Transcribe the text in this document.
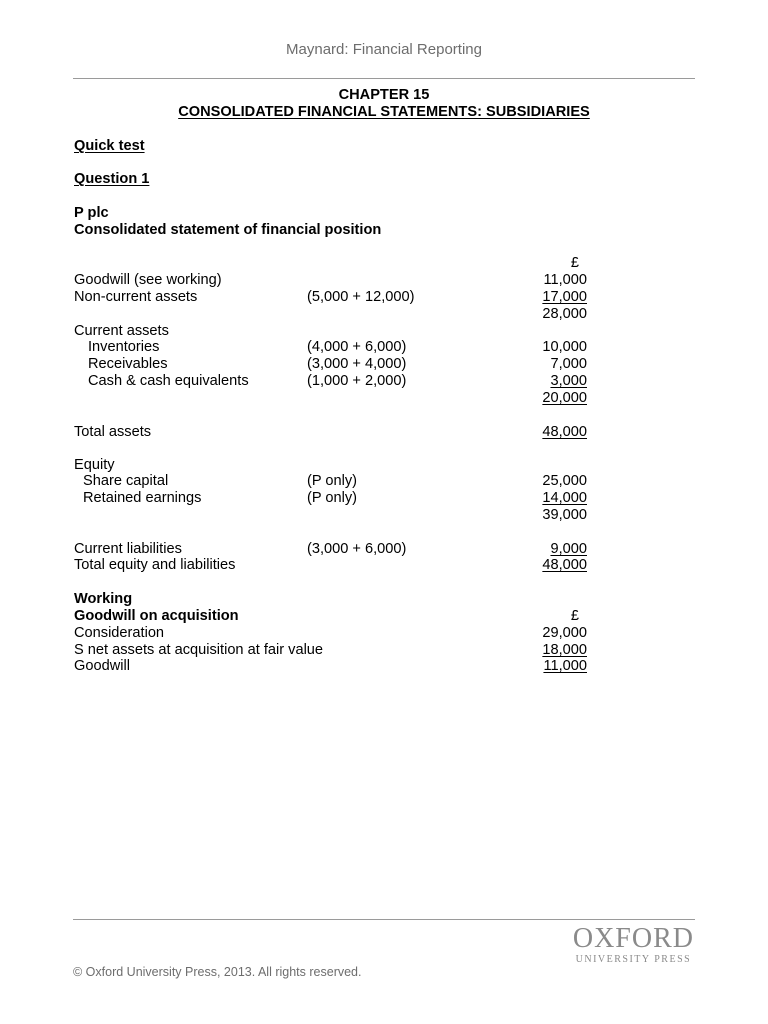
Maynard: Financial Reporting
CHAPTER 15
CONSOLIDATED FINANCIAL STATEMENTS: SUBSIDIARIES
Quick test
Question 1
P plc
Consolidated statement of financial position
£
Goodwill (see working)	11,000
Non-current assets	(5,000 + 12,000)	17,000
28,000
Current assets
Inventories	(4,000 + 6,000)	10,000
Receivables	(3,000 + 4,000)	7,000
Cash & cash equivalents	(1,000 + 2,000)	3,000
20,000
Total assets	48,000
Equity
Share capital	(P only)	25,000
Retained earnings	(P only)	14,000
39,000
Current liabilities	(3,000 + 6,000)	9,000
Total equity and liabilities	48,000
Working
Goodwill on acquisition	£
Consideration	29,000
S net assets at acquisition at fair value	18,000
Goodwill	11,000
OXFORD
UNIVERSITY PRESS
© Oxford University Press, 2013. All rights reserved.
